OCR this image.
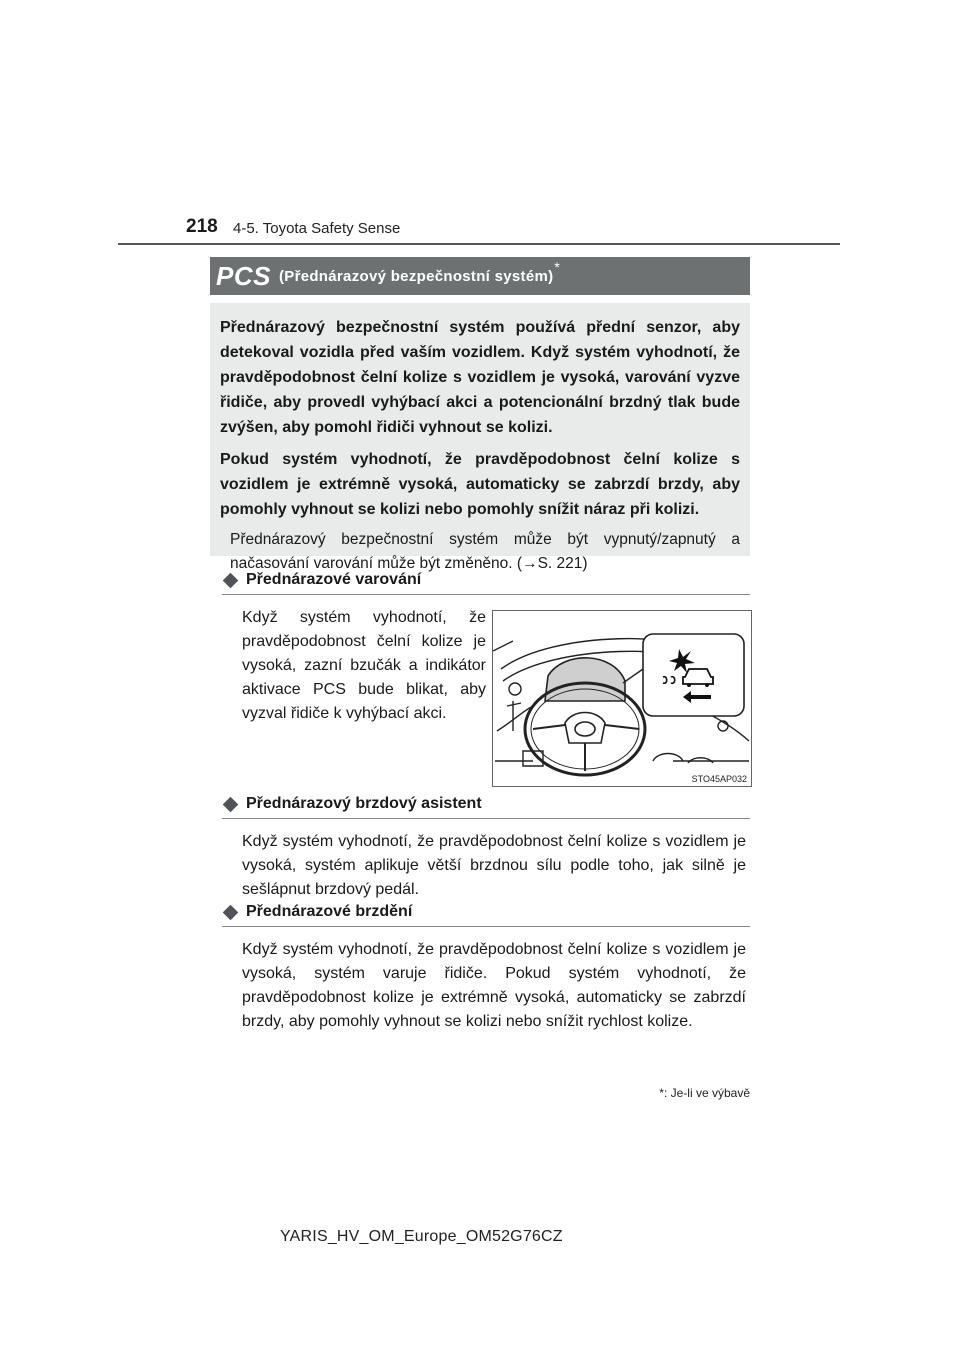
218 4-5. Toyota Safety Sense
PCS (Přednárazový bezpečnostní systém)
*

Přednárazový bezpečnostní systém používá přední senzor, aby detekoval vozidla před vaším vozidlem. Když systém vyhodnotí, že pravděpodobnost čelní kolize s vozidlem je vysoká, varování vyzve řidiče, aby provedl vyhýbací akci a potencionální brzdný tlak bude zvýšen, aby pomohl řidiči vyhnout se kolizi.

Pokud systém vyhodnotí, že pravděpodobnost čelní kolize s vozidlem je extrémně vysoká, automaticky se zabrzdí brzdy, aby pomohly vyhnout se kolizi nebo pomohly snížit náraz při kolizi.

Přednárazový bezpečnostní systém může být vypnutý/zapnutý a načasování varování může být změněno. (→S. 221)

Přednárazové varování
Když systém vyhodnotí, že pravděpodobnost čelní kolize je vysoká, zazní bzučák a indikátor aktivace PCS bude blikat, aby vyzval řidiče k vyhýbací akci.
STO45AP032
Přednárazový brzdový asistent
Když systém vyhodnotí, že pravděpodobnost čelní kolize s vozidlem je vysoká, systém aplikuje větší brzdnou sílu podle toho, jak silně je sešlápnut brzdový pedál.
Přednárazové brzdění
Když systém vyhodnotí, že pravděpodobnost čelní kolize s vozidlem je vysoká, systém varuje řidiče. Pokud systém vyhodnotí, že pravděpodobnost kolize je extrémně vysoká, automaticky se zabrzdí brzdy, aby pomohly vyhnout se kolizi nebo snížit rychlost kolize.
*: Je-li ve výbavě
YARIS_HV_OM_Europe_OM52G76CZ
